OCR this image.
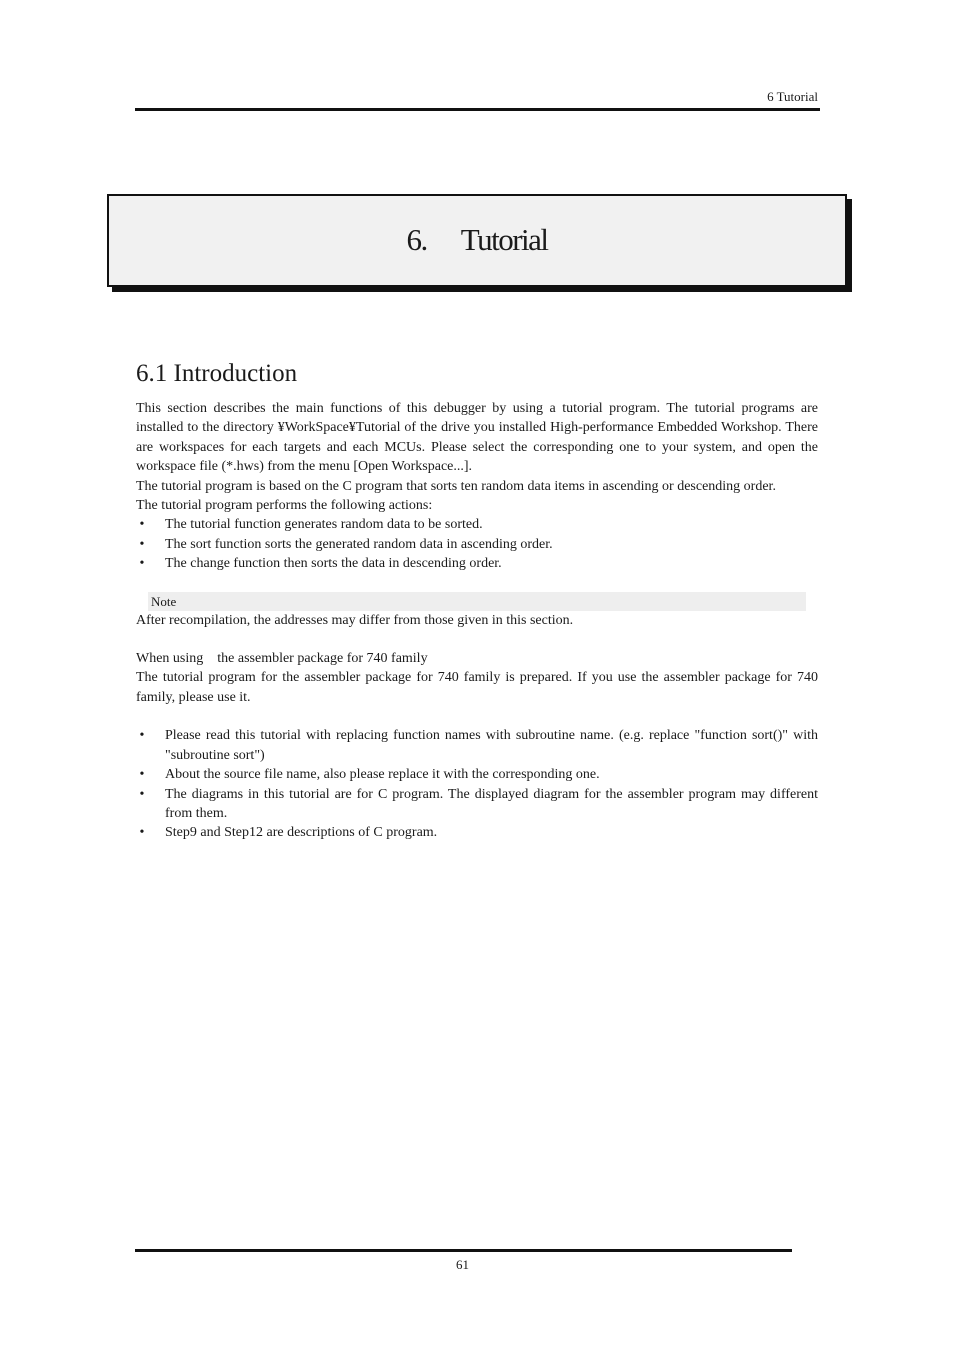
6 Tutorial
6. Tutorial
6.1 Introduction

This section describes the main functions of this debugger by using a tutorial program. The tutorial programs are installed to the directory ¥WorkSpace¥Tutorial of the drive you installed High-performance Embedded Workshop. There are workspaces for each targets and each MCUs. Please select the corresponding one to your system, and open the workspace file (*.hws) from the menu [Open Workspace...].

The tutorial program is based on the C program that sorts ten random data items in ascending or descending order.

The tutorial program performs the following actions:

• The tutorial function generates random data to be sorted.
• The sort function sorts the generated random data in ascending order.
• The change function then sorts the data in descending order.
Note

After recompilation, the addresses may differ from those given in this section.

When using　the assembler package for 740 family

The tutorial program for the assembler package for 740 family is prepared. If you use the assembler package for 740 family, please use it.

• Please read this tutorial with replacing function names with subroutine name. (e.g. replace "function sort()" with "subroutine sort")
• About the source file name, also please replace it with the corresponding one.
• The diagrams in this tutorial are for C program. The displayed diagram for the assembler program may different from them.
• Step9 and Step12 are descriptions of C program.
61
